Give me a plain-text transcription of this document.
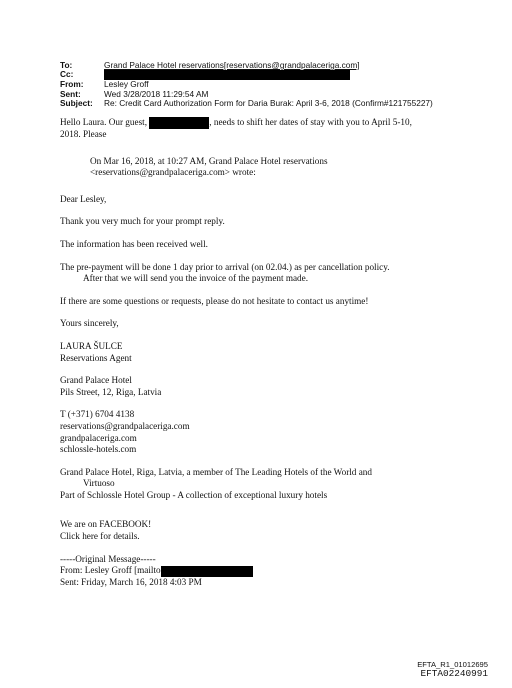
To:	Grand Palace Hotel reservations[reservations@grandpalaceriga.com]
Cc:
From:	Lesley Groff
Sent:	Wed 3/28/2018 11:29:54 AM
Subject:	Re: Credit Card Authorization Form for Daria Burak: April 3-6, 2018 (Confirm#121755227)

Hello Laura. Our guest,	, needs to shift her dates of stay with you to April 5-10,

2018. Please

On Mar 16, 2018, at 10:27 AM, Grand Palace Hotel reservations

<reservations@grandpalaceriga.com> wrote:

Dear Lesley,

Thank you very much for your prompt reply.

The information has been received well.

The pre-payment will be done 1 day prior to arrival (on 02.04.) as per cancellation policy.

After that we will send you the invoice of the payment made.

If there are some questions or requests, please do not hesitate to contact us anytime!

Yours sincerely,

LAURA ŠULCE

Reservations Agent

Grand Palace Hotel

Pils Street, 12, Riga, Latvia

T (+371) 6704 4138

reservations@grandpalaceriga.com

grandpalaceriga.com

schlossle-hotels.com

Grand Palace Hotel, Riga, Latvia, a member of The Leading Hotels of the World and

Virtuoso

Part of Schlossle Hotel Group - A collection of exceptional luxury hotels

We are on FACEBOOK!

Click here for details.

-----Original Message-----

From: Lesley Groff [mailto

Sent: Friday, March 16, 2018 4:03 PM

EFTA_R1_01012695
EFTA02240991
